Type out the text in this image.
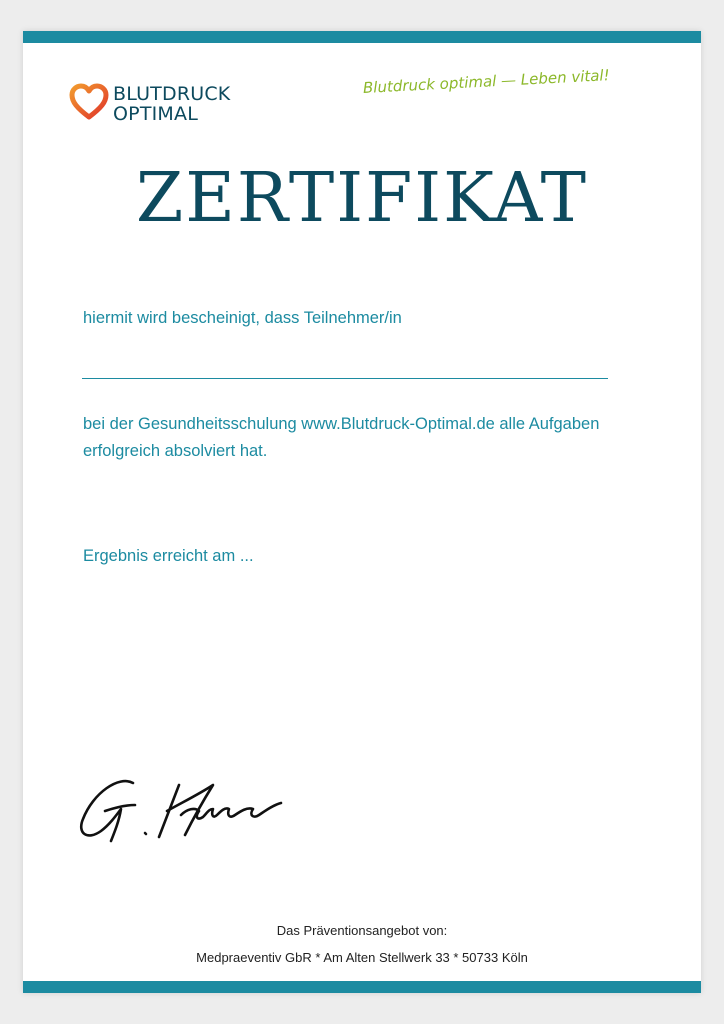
BLUTDRUCK
OPTIMAL
Blutdruck optimal — Leben vital!
ZERTIFIKAT
hiermit wird bescheinigt, dass Teilnehmer/in
bei der Gesundheitsschulung www.Blutdruck-Optimal.de alle Aufgaben erfolgreich absolviert hat.
Ergebnis erreicht am ...
Das Präventionsangebot von:
Medpraeventiv GbR * Am Alten Stellwerk 33 * 50733 Köln
